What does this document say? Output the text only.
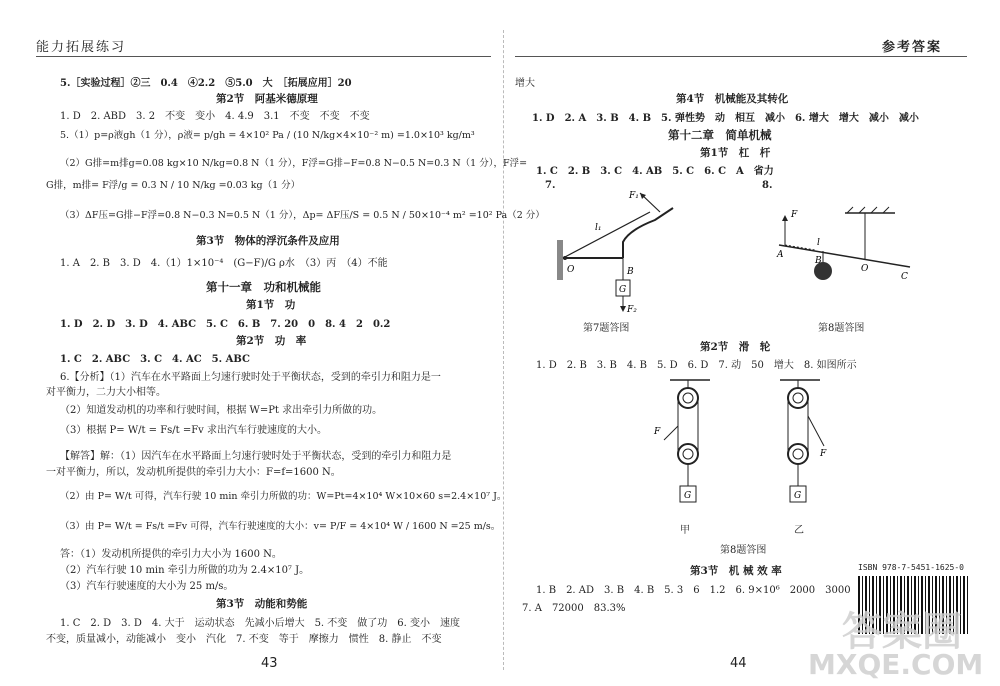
能力拓展练习	参考答案
5.［实验过程］②三　0.4　④2.2　⑤5.0　大　［拓展应用］20
第2节　阿基米德原理
1. D　2. ABD　3. 2　不变　变小　4. 4.9　3.1　不变　不变　不变
5.（1）p=ρ液gh（1 分），ρ液= p/gh = 4×10² Pa / (10 N/kg×4×10⁻² m) =1.0×10³ kg/m³
（2）G排=m排g=0.08 kg×10 N/kg=0.8 N（1 分），F浮=G排−F=0.8 N−0.5 N=0.3 N（1 分），F浮=
G排，m排= F浮/g = 0.3 N / 10 N/kg =0.03 kg（1 分）
（3）ΔF压=G排−F浮=0.8 N−0.3 N=0.5 N（1 分），Δp= ΔF压/S = 0.5 N / 50×10⁻⁴ m² =10² Pa（2 分）
第3节　物体的浮沉条件及应用
1. A　2. B　3. D　4.（1）1×10⁻⁴　(G−F)/G ρ水　（3）丙　（4）不能
第十一章　功和机械能
第1节　功
1. D　2. D　3. D　4. ABC　5. C　6. B　7. 20　0　8. 4　2　0.2
第2节　功　率
1. C　2. ABC　3. C　4. AC　5. ABC
6.【分析】（1）汽车在水平路面上匀速行驶时处于平衡状态，受到的牵引力和阻力是一
对平衡力，二力大小相等。
（2）知道发动机的功率和行驶时间，根据 W=Pt 求出牵引力所做的功。
（3）根据 P= W/t = Fs/t =Fv 求出汽车行驶速度的大小。
【解答】解：（1）因汽车在水平路面上匀速行驶时处于平衡状态，受到的牵引力和阻力是
一对平衡力，所以，发动机所提供的牵引力大小：F=f=1600 N。
（2）由 P= W/t 可得，汽车行驶 10 min 牵引力所做的功：W=Pt=4×10⁴ W×10×60 s=2.4×10⁷ J。
（3）由 P= W/t = Fs/t =Fv 可得，汽车行驶速度的大小：v= P/F = 4×10⁴ W / 1600 N =25 m/s。
答：（1）发动机所提供的牵引力大小为 1600 N。
（2）汽车行驶 10 min 牵引力所做的功为 2.4×10⁷ J。
（3）汽车行驶速度的大小为 25 m/s。
第3节　动能和势能
1. C　2. D　3. D　4. 大于　运动状态　先减小后增大　5. 不变　做了功　6. 变小　速度
不变，质量减小，动能减小　变小　汽化　7. 不变　等于　摩擦力　惯性　8. 静止　不变
43
增大
第4节　机械能及其转化
1. D　2. A　3. B　4. B　5. 弹性势　动　相互　减小　6. 增大　增大　减小　减小
第十二章　简单机械
第1节　杠　杆
1. C　2. B　3. C　4. AB　5. C　6. C　A　省力
7.	8.
F₁
l₁
O	B
G
F₂
F
A
l
B
O
C
第7题答图	第8题答图
第2节　滑　轮
1. D　2. B　3. B　4. B　5. D　6. D　7. 动　50　增大　8. 如图所示
F
G
F
G
甲	乙
第8题答图
第3节　机 械 效 率
1. B　2. AD　3. B　4. B　5. 3　6　1.2　6. 9×10⁶　2000　3000
7. A　72000　83.3%
44
ISBN 978-7-5451-1625-0
答案圈
MXQE.COM
